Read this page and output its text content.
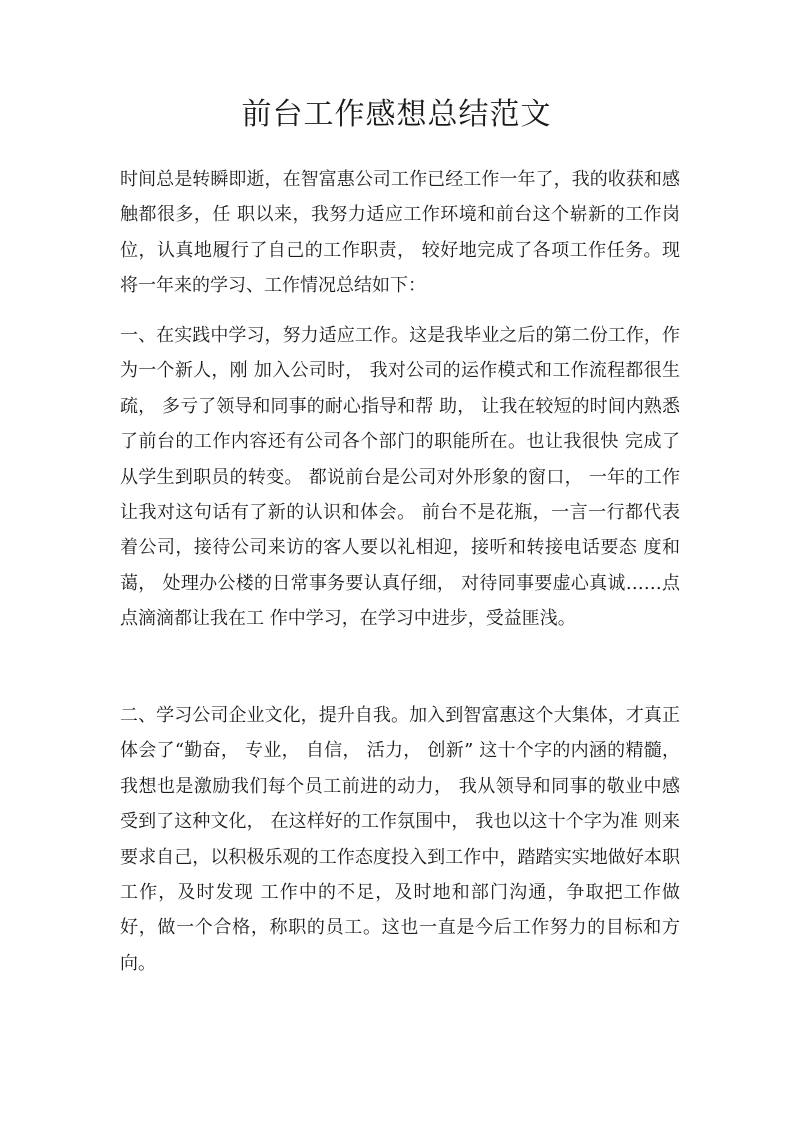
前台工作感想总结范文

时间总是转瞬即逝，在智富惠公司工作已经工作一年了，我的收获和感触都很多，任 职以来，我努力适应工作环境和前台这个崭新的工作岗位，认真地履行了自己的工作职责， 较好地完成了各项工作任务。现将一年来的学习、工作情况总结如下：

一、在实践中学习，努力适应工作。这是我毕业之后的第二份工作，作为一个新人，刚 加入公司时， 我对公司的运作模式和工作流程都很生疏， 多亏了领导和同事的耐心指导和帮 助， 让我在较短的时间内熟悉了前台的工作内容还有公司各个部门的职能所在。也让我很快 完成了从学生到职员的转变。 都说前台是公司对外形象的窗口， 一年的工作让我对这句话有了新的认识和体会。 前台不是花瓶，一言一行都代表着公司，接待公司来访的客人要以礼相迎，接听和转接电话要态 度和蔼， 处理办公楼的日常事务要认真仔细， 对待同事要虚心真诚……点点滴滴都让我在工 作中学习，在学习中进步，受益匪浅。

二、学习公司企业文化，提升自我。加入到智富惠这个大集体，才真正体会了“勤奋， 专业， 自信， 活力， 创新” 这十个字的内涵的精髓， 我想也是激励我们每个员工前进的动力， 我从领导和同事的敬业中感受到了这种文化， 在这样好的工作氛围中， 我也以这十个字为准 则来要求自己，以积极乐观的工作态度投入到工作中，踏踏实实地做好本职工作，及时发现 工作中的不足，及时地和部门沟通，争取把工作做好，做一个合格，称职的员工。这也一直是今后工作努力的目标和方向。
